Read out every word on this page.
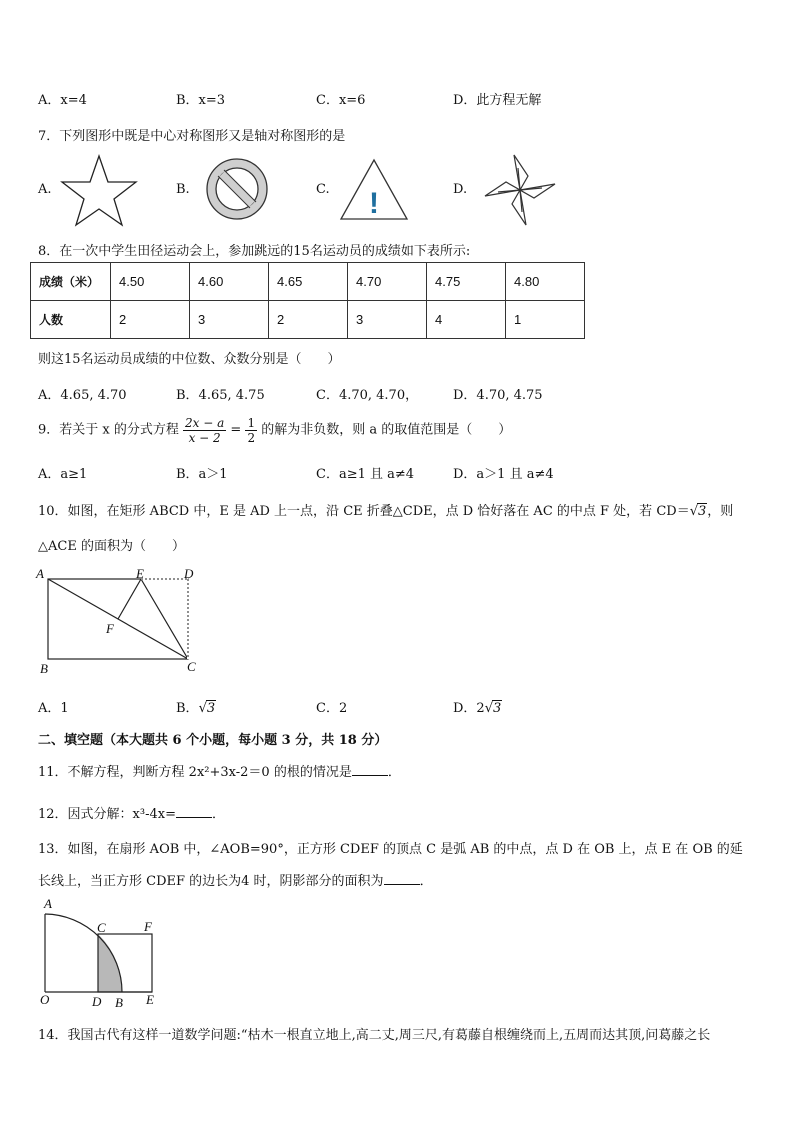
A．x=4	B．x=3	C．x=6	D．此方程无解
7．下列图形中既是中心对称图形又是轴对称图形的是
A.	B.	C.	D.
!
8．在一次中学生田径运动会上，参加跳远的15名运动员的成绩如下表所示:
成绩（米）	4.50	4.60	4.65	4.70	4.75	4.80
人数	2	3	2	3	4	1
则这15名运动员成绩的中位数、众数分别是（　　）
A．4.65, 4.70	B．4.65, 4.75	C．4.70, 4.70，	D．4.70, 4.75
9．若关于 x 的分式方程 $\frac{2x - a}{x - 2} = \frac{1}{2}$ 的解为非负数，则 a 的取值范围是（　　）
A．a≥1	B．a＞1	C．a≥1 且 a≠4	D．a＞1 且 a≠4
10．如图，在矩形 ABCD 中，E 是 AD 上一点，沿 CE 折叠△CDE，点 D 恰好落在 AC 的中点 F 处，若 CD＝√3，则
△ACE 的面积为（　　）
A	E	D
F
B	C
A．1	B．√3	C．2	D．2√3
二、填空题（本大题共 6 个小题，每小题 3 分，共 18 分）
11．不解方程，判断方程 2x²+3x-2＝0 的根的情况是	．
12．因式分解：x³-4x=	．
13．如图，在扇形 AOB 中，∠AOB=90°，正方形 CDEF 的顶点 C 是弧 AB 的中点，点 D 在 OB 上，点 E 在 OB 的延
长线上，当正方形 CDEF 的边长为4 时，阴影部分的面积为	．
A
C	F
O	D B E
14．我国古代有这样一道数学问题:“枯木一根直立地上,高二丈,周三尺,有葛藤自根缠绕而上,五周而达其顶,问葛藤之长
